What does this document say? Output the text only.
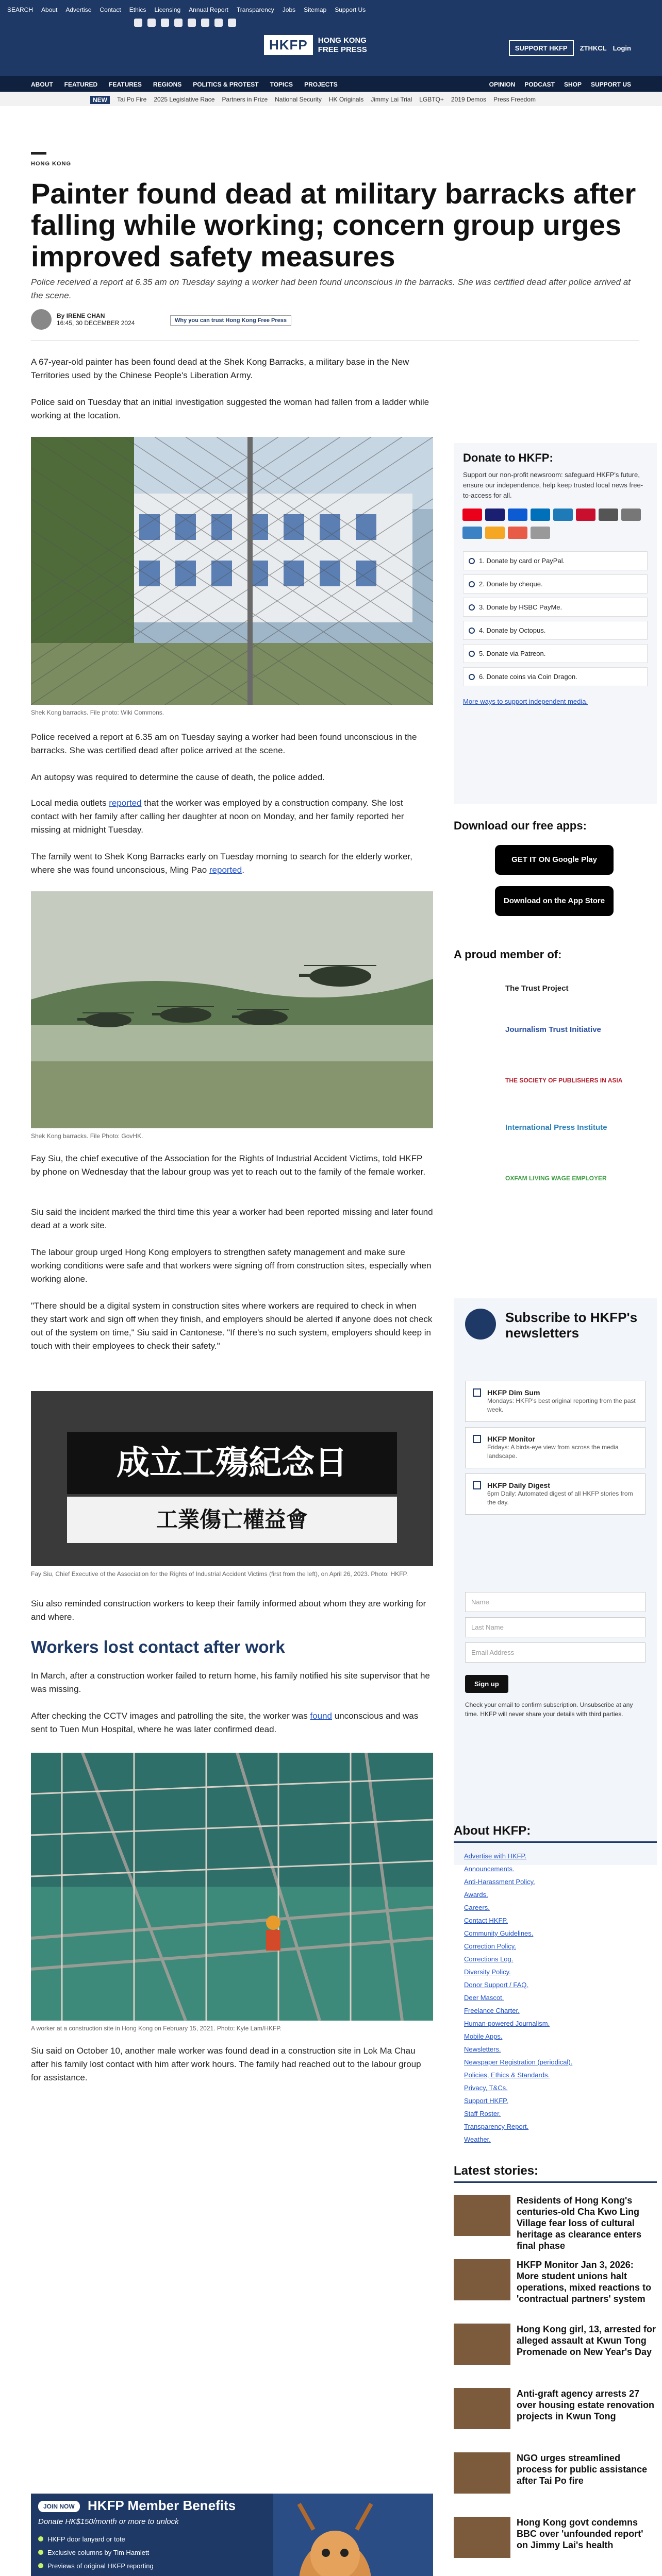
SEARCH About Advertise Contact Ethics Licensing Annual Report Transparency Jobs Sitemap Support Us
HKFP	HONG KONG
FREE PRESS	SUPPORT HKFP	ZTHKCL Login
ABOUT FEATURED FEATURES REGIONS POLITICS & PROTEST TOPICS PROJECTS	OPINION PODCAST SHOP SUPPORT US
NEW	Tai Po Fire 2025 Legislative Race Partners in Prize National Security HK Originals Jimmy Lai Trial LGBTQ+ 2019 Demos Press Freedom
HONG KONG
Painter found dead at military barracks after falling while working; concern group urges improved safety measures

Police received a report at 6.35 am on Tuesday saying a worker had been found unconscious in the barracks. She was certified dead after police arrived at the scene.

By IRENE CHAN
16:45, 30 DECEMBER 2024	Why you can trust Hong Kong Free Press

A 67-year-old painter has been found dead at the Shek Kong Barracks, a military base in the New Territories used by the Chinese People's Liberation Army.

Police said on Tuesday that an initial investigation suggested the woman had fallen from a ladder while working at the location.

Shek Kong barracks. File photo: Wiki Commons.

Police received a report at 6.35 am on Tuesday saying a worker had been found unconscious in the barracks. She was certified dead after police arrived at the scene.

An autopsy was required to determine the cause of death, the police added.

Local media outlets reported that the worker was employed by a construction company. She lost contact with her family after calling her daughter at noon on Monday, and her family reported her missing at midnight Tuesday.

The family went to Shek Kong Barracks early on Tuesday morning to search for the elderly worker, where she was found unconscious, Ming Pao reported.

Shek Kong barracks. File Photo: GovHK.

Fay Siu, the chief executive of the Association for the Rights of Industrial Accident Victims, told HKFP by phone on Wednesday that the labour group was yet to reach out to the family of the female worker.

Siu said the incident marked the third time this year a worker had been reported missing and later found dead at a work site.

The labour group urged Hong Kong employers to strengthen safety management and make sure working conditions were safe and that workers were signing off from construction sites, especially when working alone.

"There should be a digital system in construction sites where workers are required to check in when they start work and sign off when they finish, and employers should be alerted if anyone does not check out of the system on time," Siu said in Cantonese. "If there's no such system, employers should keep in touch with their employees to check their safety."

成立工殤紀念日
工業傷亡權益會

Fay Siu, Chief Executive of the Association for the Rights of Industrial Accident Victims (first from the left), on April 26, 2023. Photo: HKFP.

Siu also reminded construction workers to keep their family informed about whom they are working for and where.

Workers lost contact after work

In March, after a construction worker failed to return home, his family notified his site supervisor that he was missing.

After checking the CCTV images and patrolling the site, the worker was found unconscious and was sent to Tuen Mun Hospital, where he was later confirmed dead.

A worker at a construction site in Hong Kong on February 15, 2021. Photo: Kyle Lam/HKFP.

Siu said on October 10, another male worker was found dead in a construction site in Lok Ma Chau after his family lost contact with him after work hours. The family had reached out to the labour group for assistance.

JOIN NOW HKFP Member Benefits
Donate HK$150/month or more to unlock
HKFP door lanyard or tote
Exclusive columns by Tim Hamlett
Previews of original HKFP reporting

Donate to HKFP:

Support our non-profit newsroom: safeguard HKFP's future, ensure our independence, help keep trusted local news free-to-access for all.

1. Donate by card or PayPal.
2. Donate by cheque.
3. Donate by HSBC PayMe.
4. Donate by Octopus.
5. Donate via Patreon.
6. Donate coins via Coin Dragon.
More ways to support independent media.
Download our free apps:
GET IT ON Google Play
Download on the App Store
A proud member of:
The Trust Project
Journalism Trust Initiative
THE SOCIETY OF PUBLISHERS IN ASIA
International Press Institute
OXFAM LIVING WAGE EMPLOYER
Subscribe to HKFP's newsletters
HKFP Dim Sum
Mondays: HKFP's best original reporting from the past week.
HKFP Monitor
Fridays: A birds-eye view from across the media landscape.
HKFP Daily Digest
6pm Daily: Automated digest of all HKFP stories from the day.
Name
Last Name
Email Address
Sign up

Check your email to confirm subscription. Unsubscribe at any time. HKFP will never share your details with third parties.

About HKFP:
Advertise with HKFP.
Announcements.
Anti-Harassment Policy.
Awards.
Careers.
Contact HKFP.
Community Guidelines.
Correction Policy.
Corrections Log.
Diversity Policy.
Donor Support / FAQ.
Deer Mascot.
Freelance Charter.
Human-powered Journalism.
Mobile Apps.
Newsletters.
Newspaper Registration (periodical).
Policies, Ethics & Standards.
Privacy, T&Cs.
Support HKFP.
Staff Roster.
Transparency Report.
Weather.
Latest stories:
Residents of Hong Kong's centuries-old Cha Kwo Ling Village fear loss of cultural heritage as clearance enters final phase
HKFP Monitor Jan 3, 2026: More student unions halt operations, mixed reactions to 'contractual partners' system
Hong Kong girl, 13, arrested for alleged assault at Kwun Tong Promenade on New Year's Day
Anti-graft agency arrests 27 over housing estate renovation projects in Kwun Tong
NGO urges streamlined process for public assistance after Tai Po fire
Hong Kong govt condemns BBC over 'unfounded report' on Jimmy Lai's health
